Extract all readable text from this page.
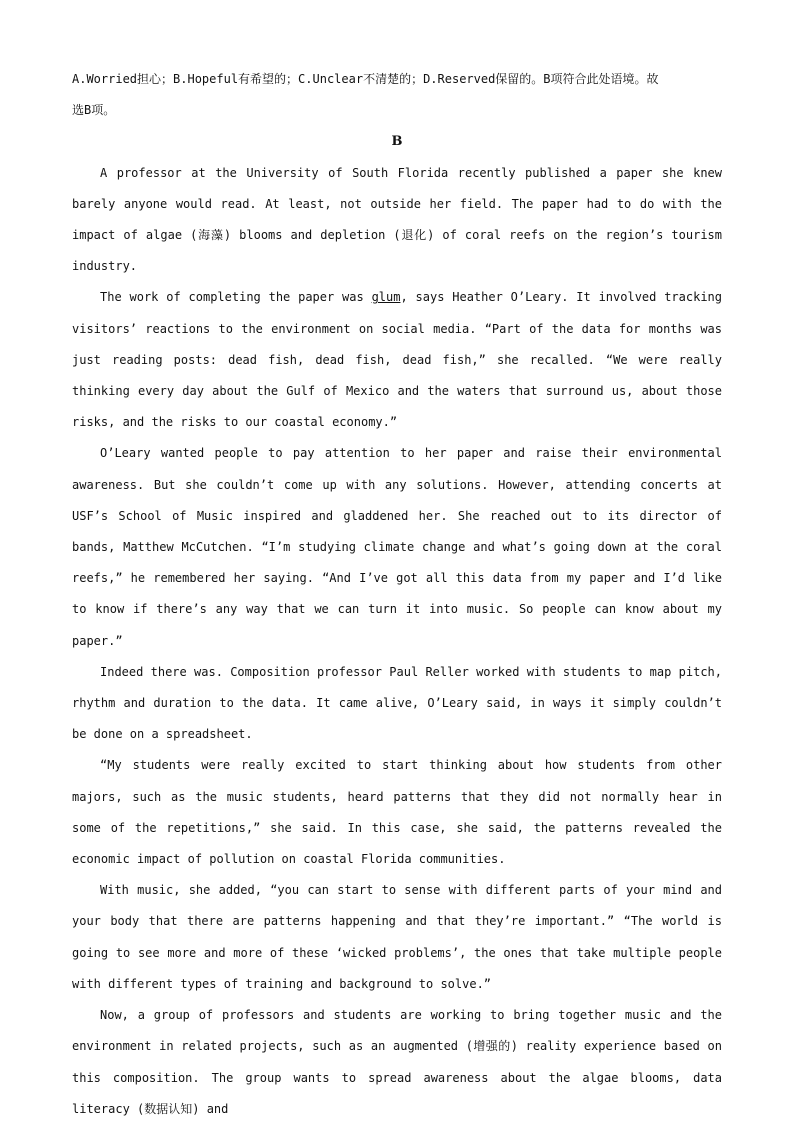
A.Worried担心；B.Hopeful有希望的；C.Unclear不清楚的；D.Reserved保留的。B项符合此处语境。故
选B项。

B

A professor at the University of South Florida recently published a paper she knew barely anyone would read. At least, not outside her field. The paper had to do with the impact of algae (海藻) blooms and depletion (退化) of coral reefs on the region’s tourism industry.

The work of completing the paper was glum, says Heather O’Leary. It involved tracking visitors’ reactions to the environment on social media. “Part of the data for months was just reading posts: dead fish, dead fish, dead fish,” she recalled. “We were really thinking every day about the Gulf of Mexico and the waters that surround us, about those risks, and the risks to our coastal economy.”

O’Leary wanted people to pay attention to her paper and raise their environmental awareness. But she couldn’t come up with any solutions. However, attending concerts at USF’s School of Music inspired and gladdened her. She reached out to its director of bands, Matthew McCutchen. “I’m studying climate change and what’s going down at the coral reefs,” he remembered her saying. “And I’ve got all this data from my paper and I’d like to know if there’s any way that we can turn it into music. So people can know about my paper.”

Indeed there was. Composition professor Paul Reller worked with students to map pitch, rhythm and duration to the data. It came alive, O’Leary said, in ways it simply couldn’t be done on a spreadsheet.

“My students were really excited to start thinking about how students from other majors, such as the music students, heard patterns that they did not normally hear in some of the repetitions,” she said. In this case, she said, the patterns revealed the economic impact of pollution on coastal Florida communities.

With music, she added, “you can start to sense with different parts of your mind and your body that there are patterns happening and that they’re important.” “The world is going to see more and more of these ‘wicked problems’, the ones that take multiple people with different types of training and background to solve.”

Now, a group of professors and students are working to bring together music and the environment in related projects, such as an augmented (增强的) reality experience based on this composition. The group wants to spread awareness about the algae blooms, data literacy (数据认知) and
